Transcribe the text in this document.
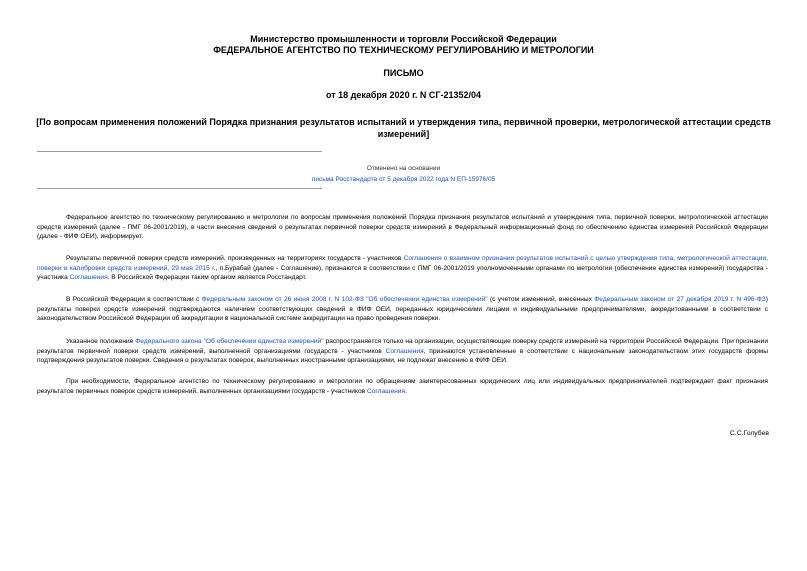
Министерство промышленности и торговли Российской Федерации
ФЕДЕРАЛЬНОЕ АГЕНТСТВО ПО ТЕХНИЧЕСКОМУ РЕГУЛИРОВАНИЮ И МЕТРОЛОГИИ
ПИСЬМО
от 18 декабря 2020 г. N СГ-21352/04
[По вопросам применения положений Порядка признания результатов испытаний и утверждения типа, первичной проверки, метрологической аттестации средств измерений]
Отменено на основании
письма Росстандарта от 5 декабря 2022 года N ЕП-15976/05

Федеральное агентство по техническому регулированию и метрологии по вопросам применения положений Порядка признания результатов испытаний и утверждения типа, первичной поверки, метрологической аттестации средств измерений (далее - ПМГ 06-2001/2019), в части внесения сведений о результатах первичной поверки средств измерений в Федеральный информационный фонд по обеспечению единства измерений Российской Федерации (далее - ФИФ ОЕИ), информирует.

Результаты первичной поверки средств измерений, произведенных на территориях государств - участников Соглашения о взаимном признании результатов испытаний с целью утверждения типа, метрологической аттестации, поверки и калибровки средств измерений, 29 мая 2015 г., п.Бурабай (далее - Соглашение), признаются в соответствии с ПМГ 06-2001/2019 уполномоченными органами по метрологии (обеспечение единства измерений) государства - участника Соглашения. В Российской Федерации таким органом является Росстандарт.

В Российской Федерации в соответствии с Федеральным законом от 26 июня 2008 г. N 102-ФЗ "Об обеспечении единства измерений" (с учетом изменений, внесенных Федеральным законом от 27 декабря 2019 г. N 496-ФЗ) результаты поверки средств измерений подтверждаются наличием соответствующих сведений в ФИФ ОЕИ, переданных юридическими лицами и индивидуальными предпринимателями, аккредитованными в соответствии с законодательством Российской Федерации об аккредитации в национальной системе аккредитации на право проведения поверки.

Указанное положение Федерального закона "Об обеспечении единства измерений" распространяется только на организации, осуществляющие поверку средств измерений на территории Российской Федерации. При признании результатов первичной поверки средств измерений, выполненной организациями государств - участников Соглашения, признаются установленные в соответствии с национальным законодательством этих государств формы подтверждения результатов поверки. Сведения о результатах поверок, выполненных иностранными организациями, не подлежат внесению в ФИФ ОЕИ.

При необходимости, Федеральное агентство по техническому регулированию и метрологии по обращениям заинтересованных юридических лиц или индивидуальных предпринимателей подтверждает факт признания результатов первичных поверок средств измерений, выполненных организациями государств - участников Соглашения.

С.С.Голубев
